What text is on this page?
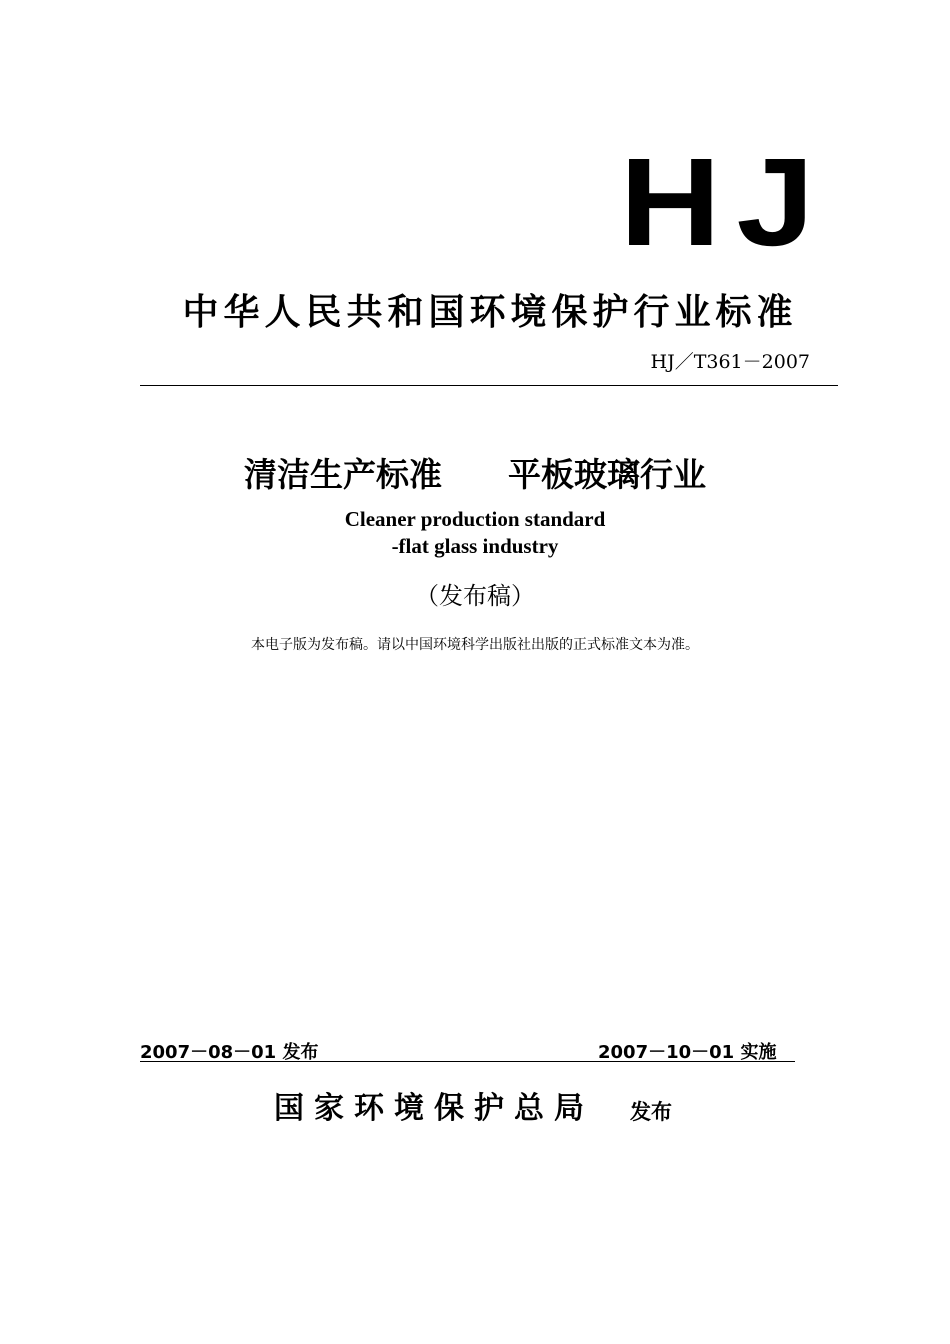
HJ
中华人民共和国环境保护行业标准
HJ／T361－2007
清洁生产标准　　平板玻璃行业
Cleaner production standard
-flat glass industry
（发布稿）
本电子版为发布稿。请以中国环境科学出版社出版的正式标准文本为准。
2007－08－01 发布	2007－10－01 实施
国家环境保护总局 发布
